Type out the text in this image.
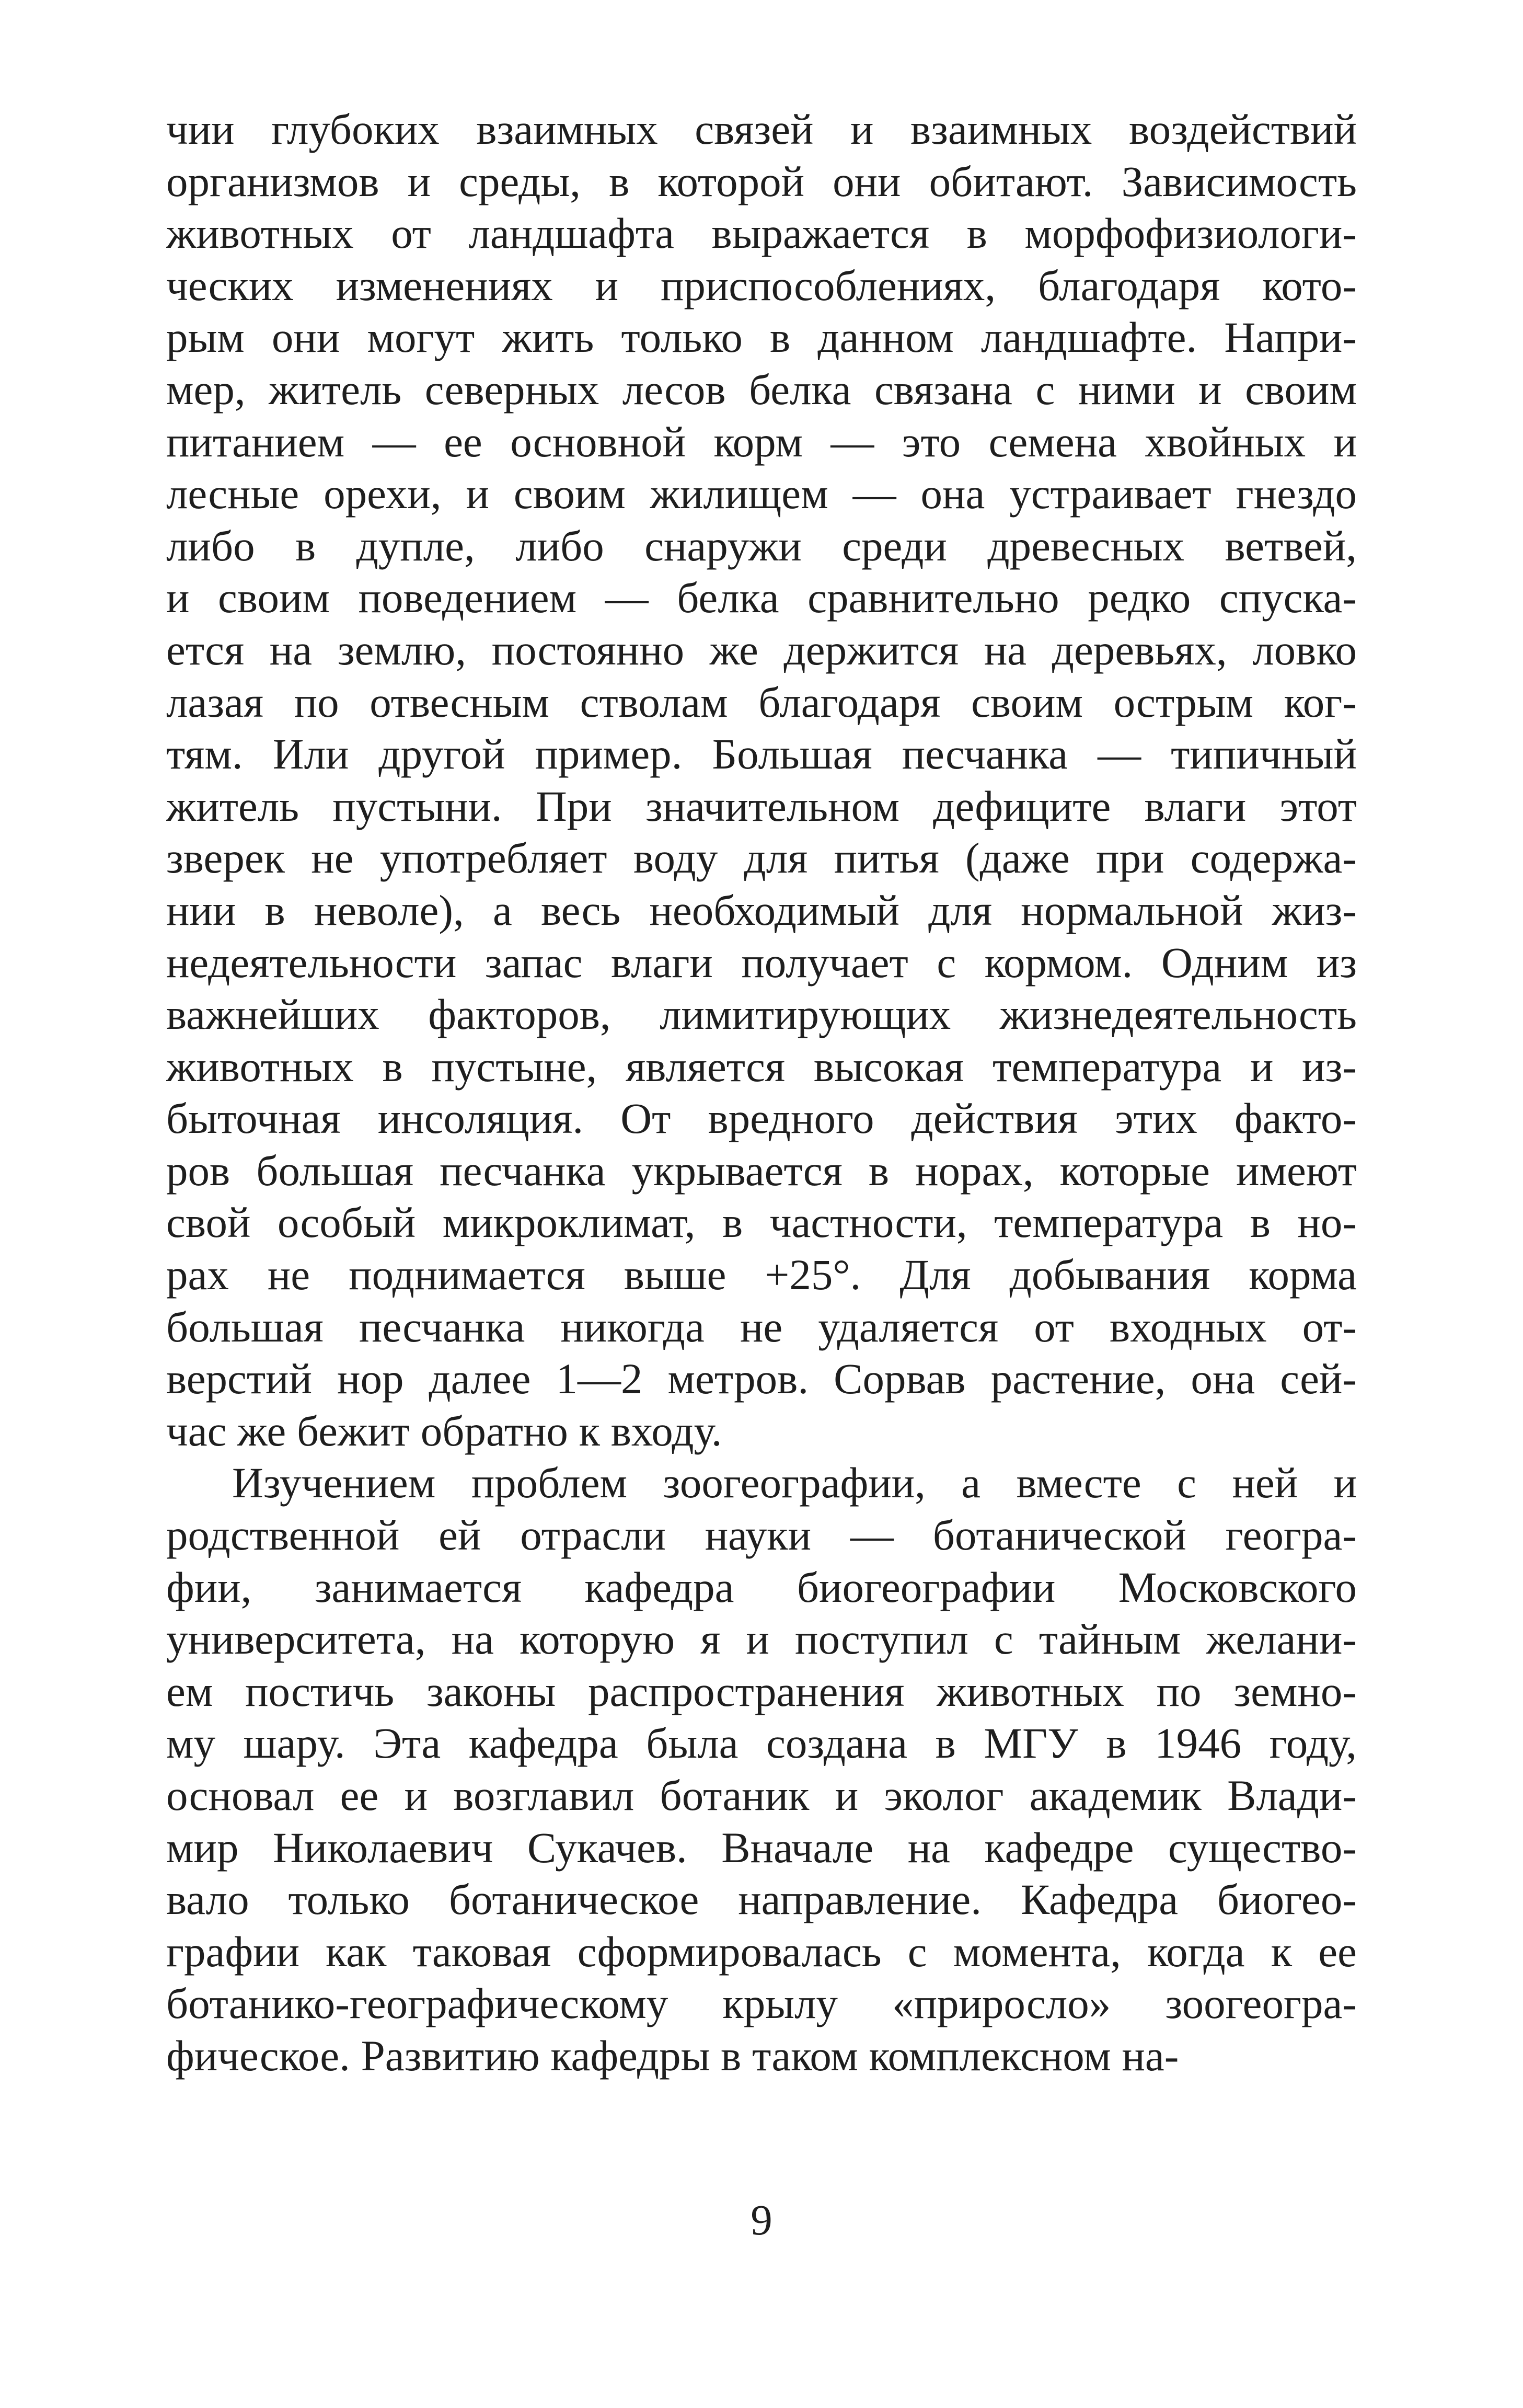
чии глубоких взаимных связей и взаимных воздействий
организмов и среды, в которой они обитают. Зависимость
животных от ландшафта выражается в морфофизиологи-
ческих изменениях и приспособлениях, благодаря кото-
рым они могут жить только в данном ландшафте. Напри-
мер, житель северных лесов белка связана с ними и своим
питанием — ее основной корм — это семена хвойных и
лесные орехи, и своим жилищем — она устраивает гнездо
либо в дупле, либо снаружи среди древесных ветвей,
и своим поведением — белка сравнительно редко спуска-
ется на землю, постоянно же держится на деревьях, ловко
лазая по отвесным стволам благодаря своим острым ког-
тям. Или другой пример. Большая песчанка — типичный
житель пустыни. При значительном дефиците влаги этот
зверек не употребляет воду для питья (даже при содержа-
нии в неволе), а весь необходимый для нормальной жиз-
недеятельности запас влаги получает с кормом. Одним из
важнейших факторов, лимитирующих жизнедеятельность
животных в пустыне, является высокая температура и из-
быточная инсоляция. От вредного действия этих факто-
ров большая песчанка укрывается в норах, которые имеют
свой особый микроклимат, в частности, температура в но-
рах не поднимается выше +25°. Для добывания корма
большая песчанка никогда не удаляется от входных от-
верстий нор далее 1—2 метров. Сорвав растение, она сей-
час же бежит обратно к входу.
Изучением проблем зоогеографии, а вместе с ней и
родственной ей отрасли науки — ботанической геогра-
фии, занимается кафедра биогеографии Московского
университета, на которую я и поступил с тайным желани-
ем постичь законы распространения животных по земно-
му шару. Эта кафедра была создана в МГУ в 1946 году,
основал ее и возглавил ботаник и эколог академик Влади-
мир Николаевич Сукачев. Вначале на кафедре существо-
вало только ботаническое направление. Кафедра биогео-
графии как таковая сформировалась с момента, когда к ее
ботанико-географическому крылу «приросло» зоогеогра-
фическое. Развитию кафедры в таком комплексном на-
9
